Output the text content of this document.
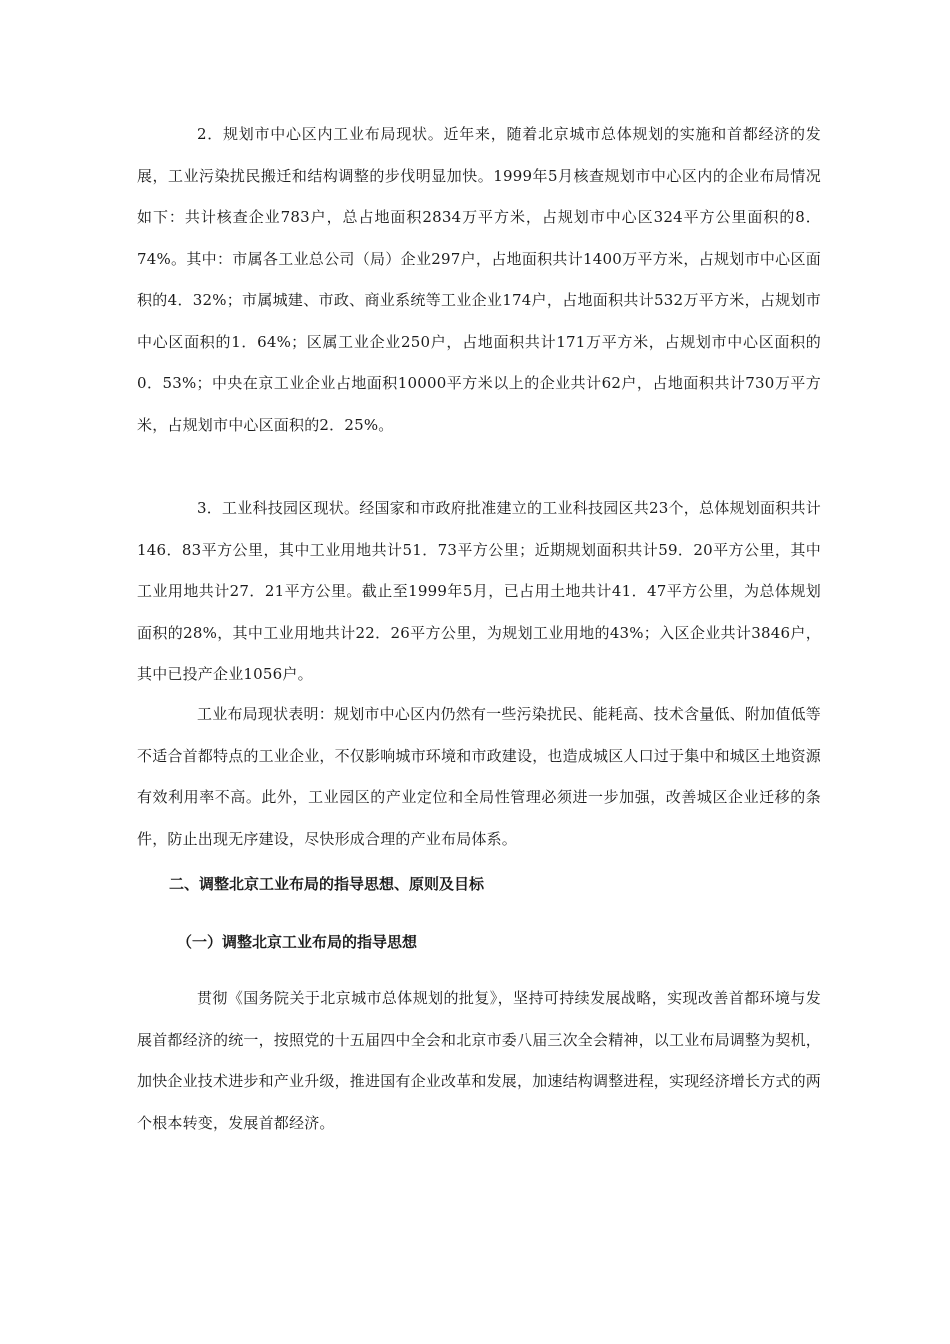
2．规划市中心区内工业布局现状。近年来，随着北京城市总体规划的实施和首都经济的发展，工业污染扰民搬迁和结构调整的步伐明显加快。1999年5月核查规划市中心区内的企业布局情况如下：共计核查企业783户，总占地面积2834万平方米，占规划市中心区324平方公里面积的8．74%。其中：市属各工业总公司（局）企业297户，占地面积共计1400万平方米，占规划市中心区面积的4．32%；市属城建、市政、商业系统等工业企业174户，占地面积共计532万平方米，占规划市中心区面积的1．64%；区属工业企业250户，占地面积共计171万平方米，占规划市中心区面积的0．53%；中央在京工业企业占地面积10000平方米以上的企业共计62户，占地面积共计730万平方米，占规划市中心区面积的2．25%。

3．工业科技园区现状。经国家和市政府批准建立的工业科技园区共23个，总体规划面积共计146．83平方公里，其中工业用地共计51．73平方公里；近期规划面积共计59．20平方公里，其中工业用地共计27．21平方公里。截止至1999年5月，已占用土地共计41．47平方公里，为总体规划面积的28%，其中工业用地共计22．26平方公里，为规划工业用地的43%；入区企业共计3846户，其中已投产企业1056户。

工业布局现状表明：规划市中心区内仍然有一些污染扰民、能耗高、技术含量低、附加值低等不适合首都特点的工业企业，不仅影响城市环境和市政建设，也造成城区人口过于集中和城区土地资源有效利用率不高。此外，工业园区的产业定位和全局性管理必须进一步加强，改善城区企业迁移的条件，防止出现无序建设，尽快形成合理的产业布局体系。

二、调整北京工业布局的指导思想、原则及目标
（一）调整北京工业布局的指导思想

贯彻《国务院关于北京城市总体规划的批复》，坚持可持续发展战略，实现改善首都环境与发展首都经济的统一，按照党的十五届四中全会和北京市委八届三次全会精神，以工业布局调整为契机，加快企业技术进步和产业升级，推进国有企业改革和发展，加速结构调整进程，实现经济增长方式的两个根本转变，发展首都经济。
